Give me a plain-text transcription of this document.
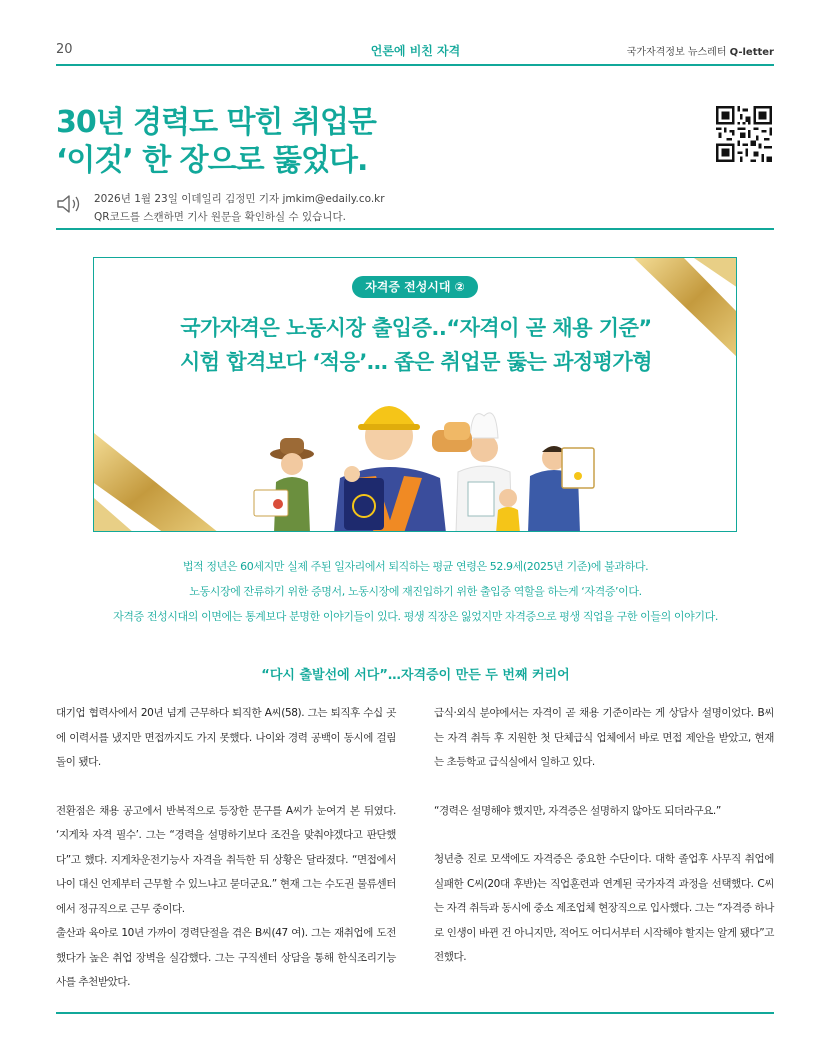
20	언론에 비친 자격	국가자격정보 뉴스레터 Q-letter
30년 경력도 막힌 취업문
‘이것’ 한 장으로 뚫었다.
2026년 1월 23일 이데일리 김정민 기자 jmkim@edaily.co.kr
QR코드를 스캔하면 기사 원문을 확인하실 수 있습니다.
자격증 전성시대 ②
국가자격은 노동시장 출입증..“자격이 곧 채용 기준”
시험 합격보다 ‘적응’… 좁은 취업문 뚫는 과정평가형
법적 정년은 60세지만 실제 주된 일자리에서 퇴직하는 평균 연령은 52.9세(2025년 기준)에 불과하다.
노동시장에 잔류하기 위한 증명서, 노동시장에 재진입하기 위한 출입증 역할을 하는게 ‘자격증’이다.
자격증 전성시대의 이면에는 통계보다 분명한 이야기들이 있다. 평생 직장은 잃었지만 자격증으로 평생 직업을 구한 이들의 이야기다.
“다시 출발선에 서다”…자격증이 만든 두 번째 커리어

대기업 협력사에서 20년 넘게 근무하다 퇴직한 A씨(58). 그는 퇴직후 수십 곳에 이력서를 냈지만 면접까지도 가지 못했다. 나이와 경력 공백이 동시에 걸림돌이 됐다.

전환점은 채용 공고에서 반복적으로 등장한 문구를 A씨가 눈여겨 본 뒤였다. ‘지게차 자격 필수’. 그는 “경력을 설명하기보다 조건을 맞춰야겠다고 판단했다”고 했다. 지게차운전기능사 자격을 취득한 뒤 상황은 달라졌다. “면접에서 나이 대신 언제부터 근무할 수 있느냐고 묻더군요.” 현재 그는 수도권 물류센터에서 정규직으로 근무 중이다.

출산과 육아로 10년 가까이 경력단절을 겪은 B씨(47 여). 그는 재취업에 도전했다가 높은 취업 장벽을 실감했다. 그는 구직센터 상담을 통해 한식조리기능사를 추천받았다.

급식·외식 분야에서는 자격이 곧 채용 기준이라는 게 상담사 설명이었다. B씨는 자격 취득 후 지원한 첫 단체급식 업체에서 바로 면접 제안을 받았고, 현재는 초등학교 급식실에서 일하고 있다.

“경력은 설명해야 했지만, 자격증은 설명하지 않아도 되더라구요.”

청년층 진로 모색에도 자격증은 중요한 수단이다. 대학 졸업후 사무직 취업에 실패한 C씨(20대 후반)는 직업훈련과 연계된 국가자격 과정을 선택했다. C씨는 자격 취득과 동시에 중소 제조업체 현장직으로 입사했다. 그는 “자격증 하나로 인생이 바뀐 건 아니지만, 적어도 어디서부터 시작해야 할지는 알게 됐다”고 전했다.
